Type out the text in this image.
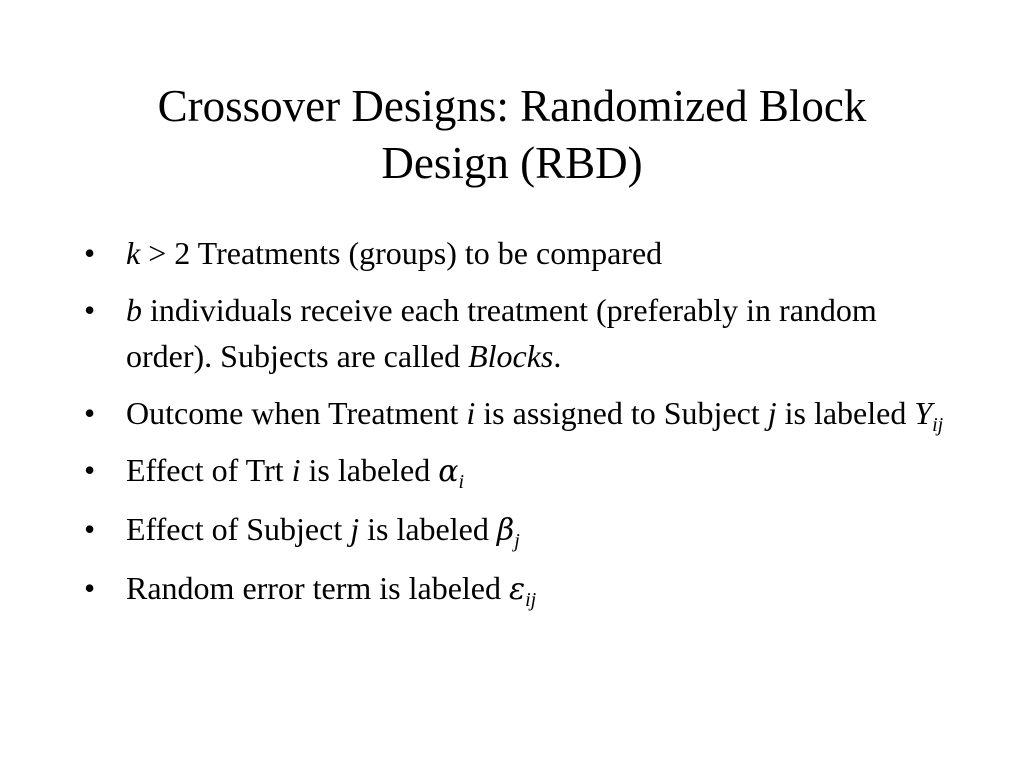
Crossover Designs: Randomized Block
Design (RBD)
• k > 2 Treatments (groups) to be compared
• b individuals receive each treatment (preferably in random order). Subjects are called Blocks.
• Outcome when Treatment i is assigned to Subject j is labeled $Y_{ij}$
• Effect of Trt i is labeled $\alpha_i$
• Effect of Subject j is labeled $\beta_j$
• Random error term is labeled $\varepsilon_{ij}$
